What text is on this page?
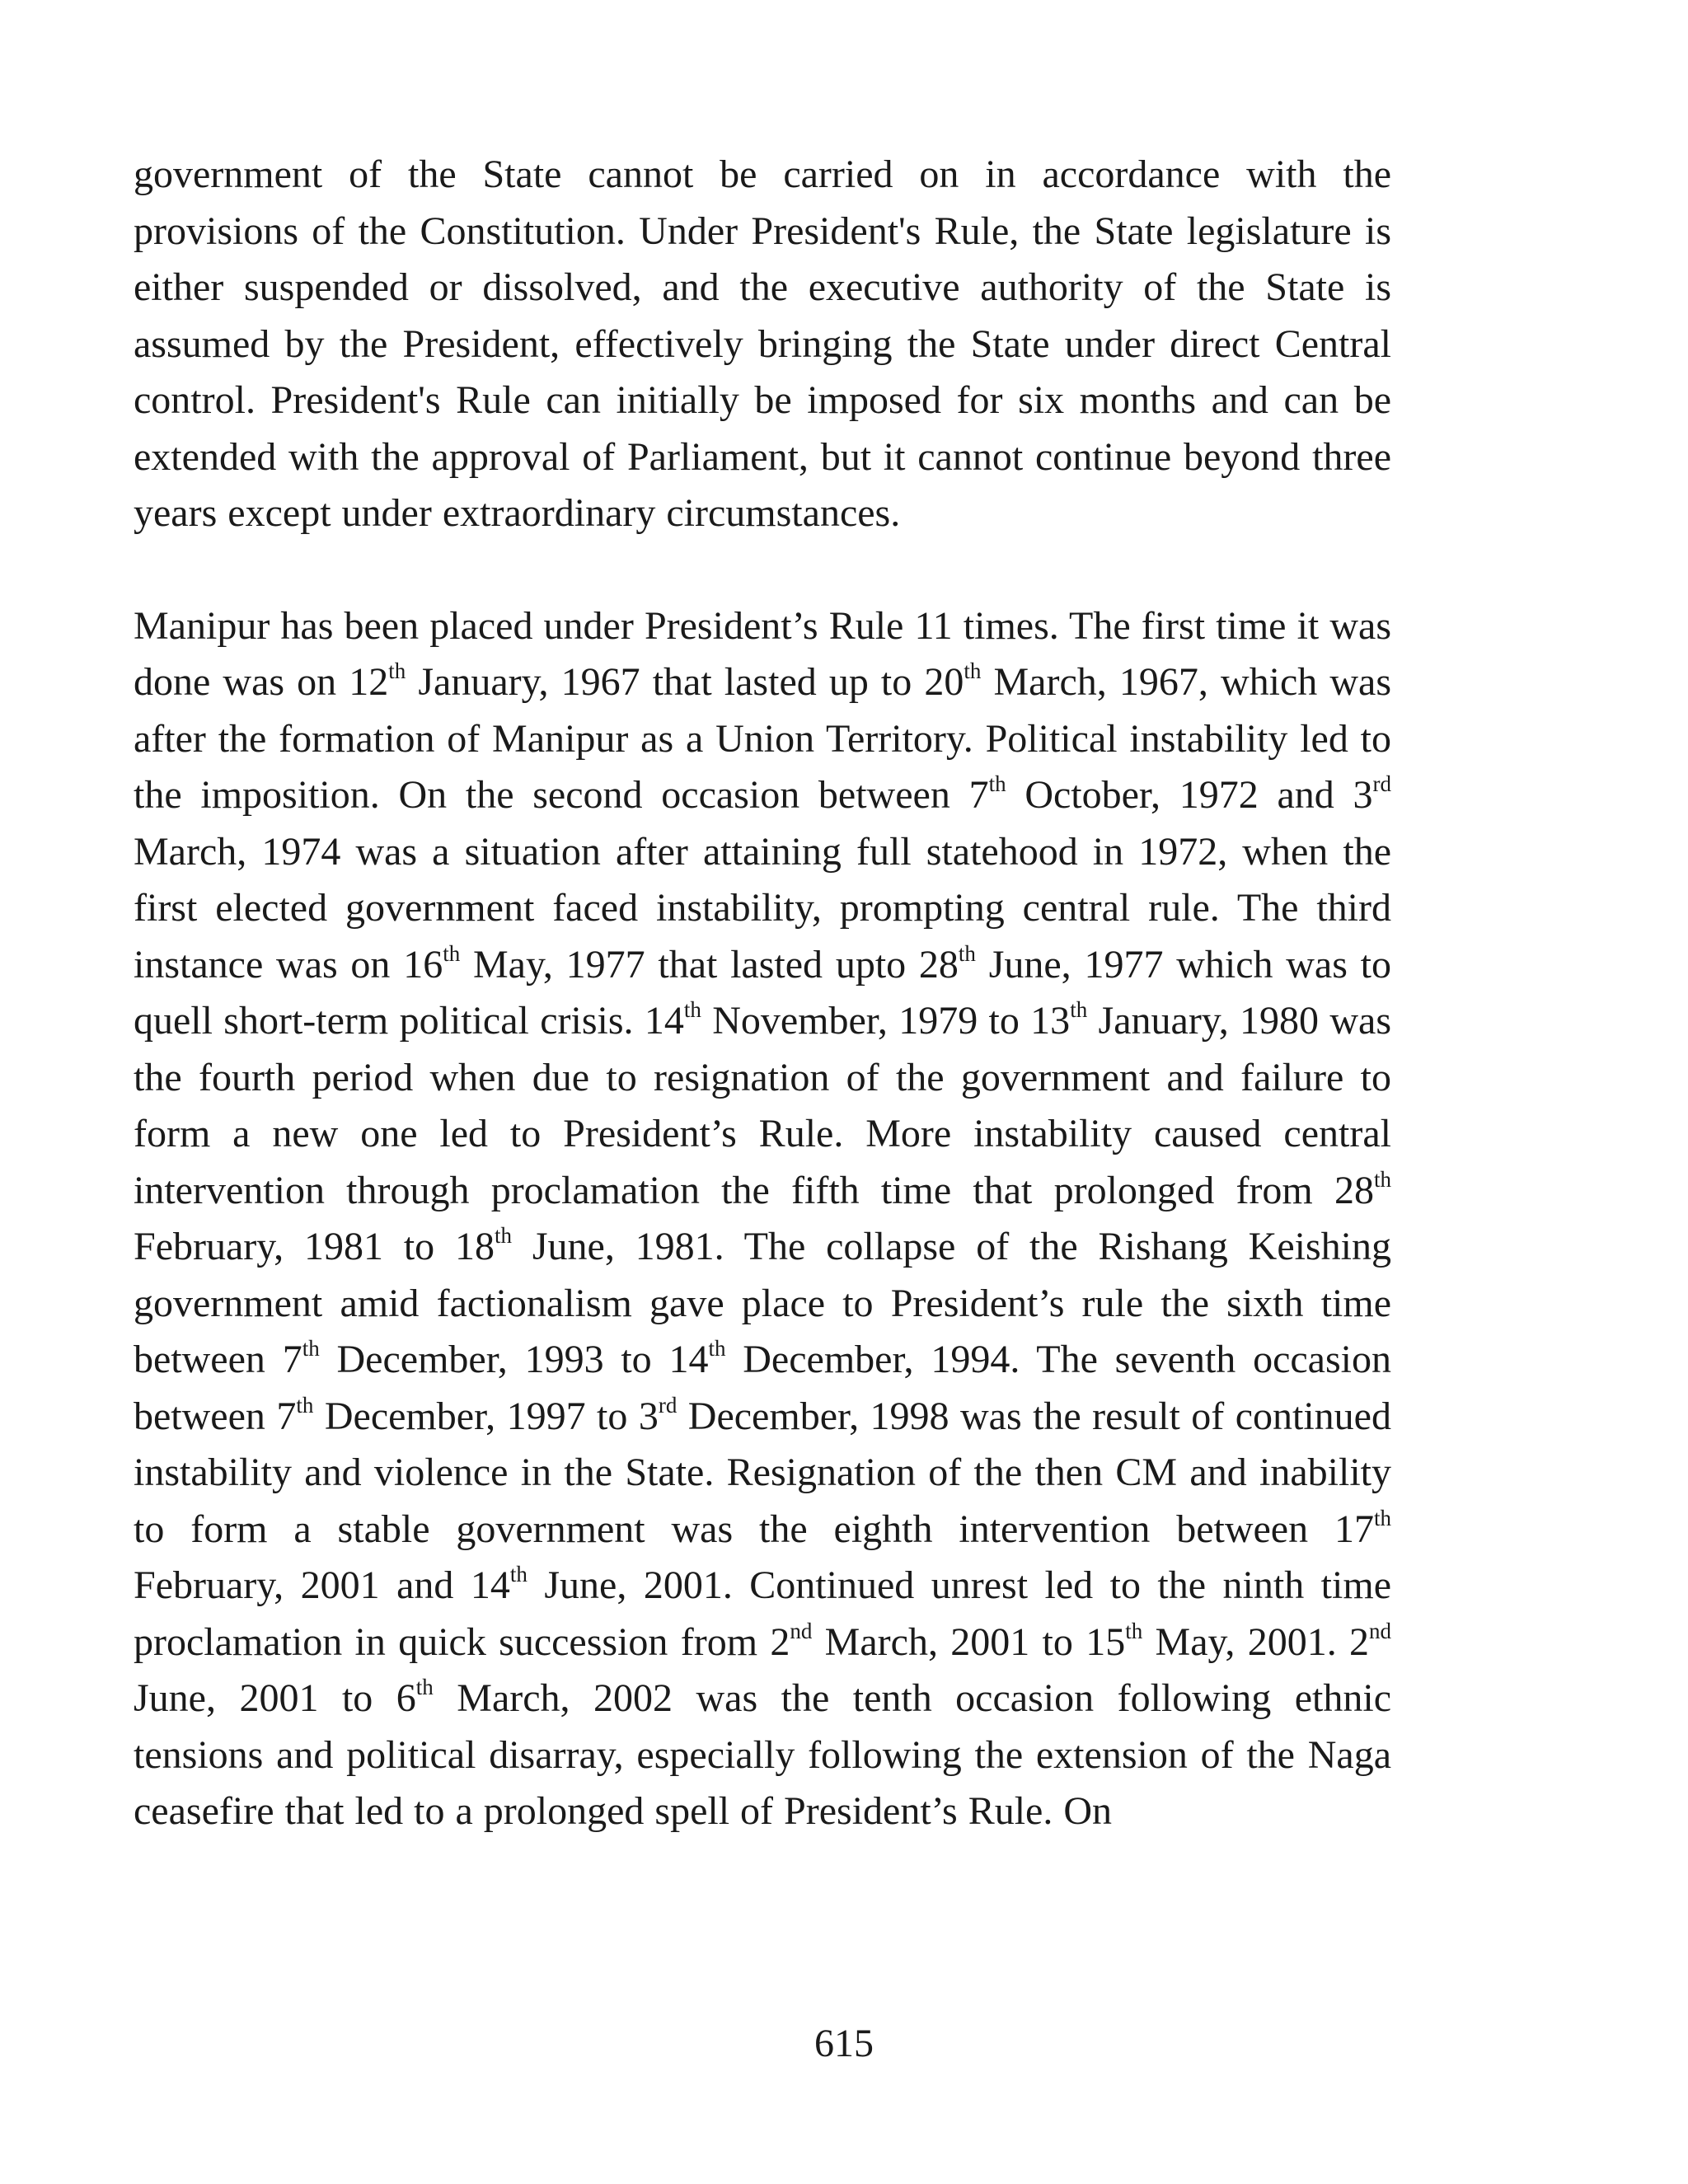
government of the State cannot be carried on in accordance with the provisions of the Constitution. Under President's Rule, the State legislature is either suspended or dissolved, and the executive authority of the State is assumed by the President, effectively bringing the State under direct Central control. President's Rule can initially be imposed for six months and can be extended with the approval of Parliament, but it cannot continue beyond three years except under extraordinary circumstances.

Manipur has been placed under President’s Rule 11 times. The first time it was done was on 12th January, 1967 that lasted up to 20th March, 1967, which was after the formation of Manipur as a Union Territory. Political instability led to the imposition. On the second occasion between 7th October, 1972 and 3rd March, 1974 was a situation after attaining full statehood in 1972, when the first elected government faced instability, prompting central rule. The third instance was on 16th May, 1977 that lasted upto 28th June, 1977 which was to quell short-term political crisis. 14th November, 1979 to 13th January, 1980 was the fourth period when due to resignation of the government and failure to form a new one led to President’s Rule. More instability caused central intervention through proclamation the fifth time that prolonged from 28th February, 1981 to 18th June, 1981. The collapse of the Rishang Keishing government amid factionalism gave place to President’s rule the sixth time between 7th December, 1993 to 14th December, 1994. The seventh occasion between 7th December, 1997 to 3rd December, 1998 was the result of continued instability and violence in the State. Resignation of the then CM and inability to form a stable government was the eighth intervention between 17th February, 2001 and 14th June, 2001. Continued unrest led to the ninth time proclamation in quick succession from 2nd March, 2001 to 15th May, 2001. 2nd June, 2001 to 6th March, 2002 was the tenth occasion following ethnic tensions and political disarray, especially following the extension of the Naga ceasefire that led to a prolonged spell of President’s Rule. On

615
